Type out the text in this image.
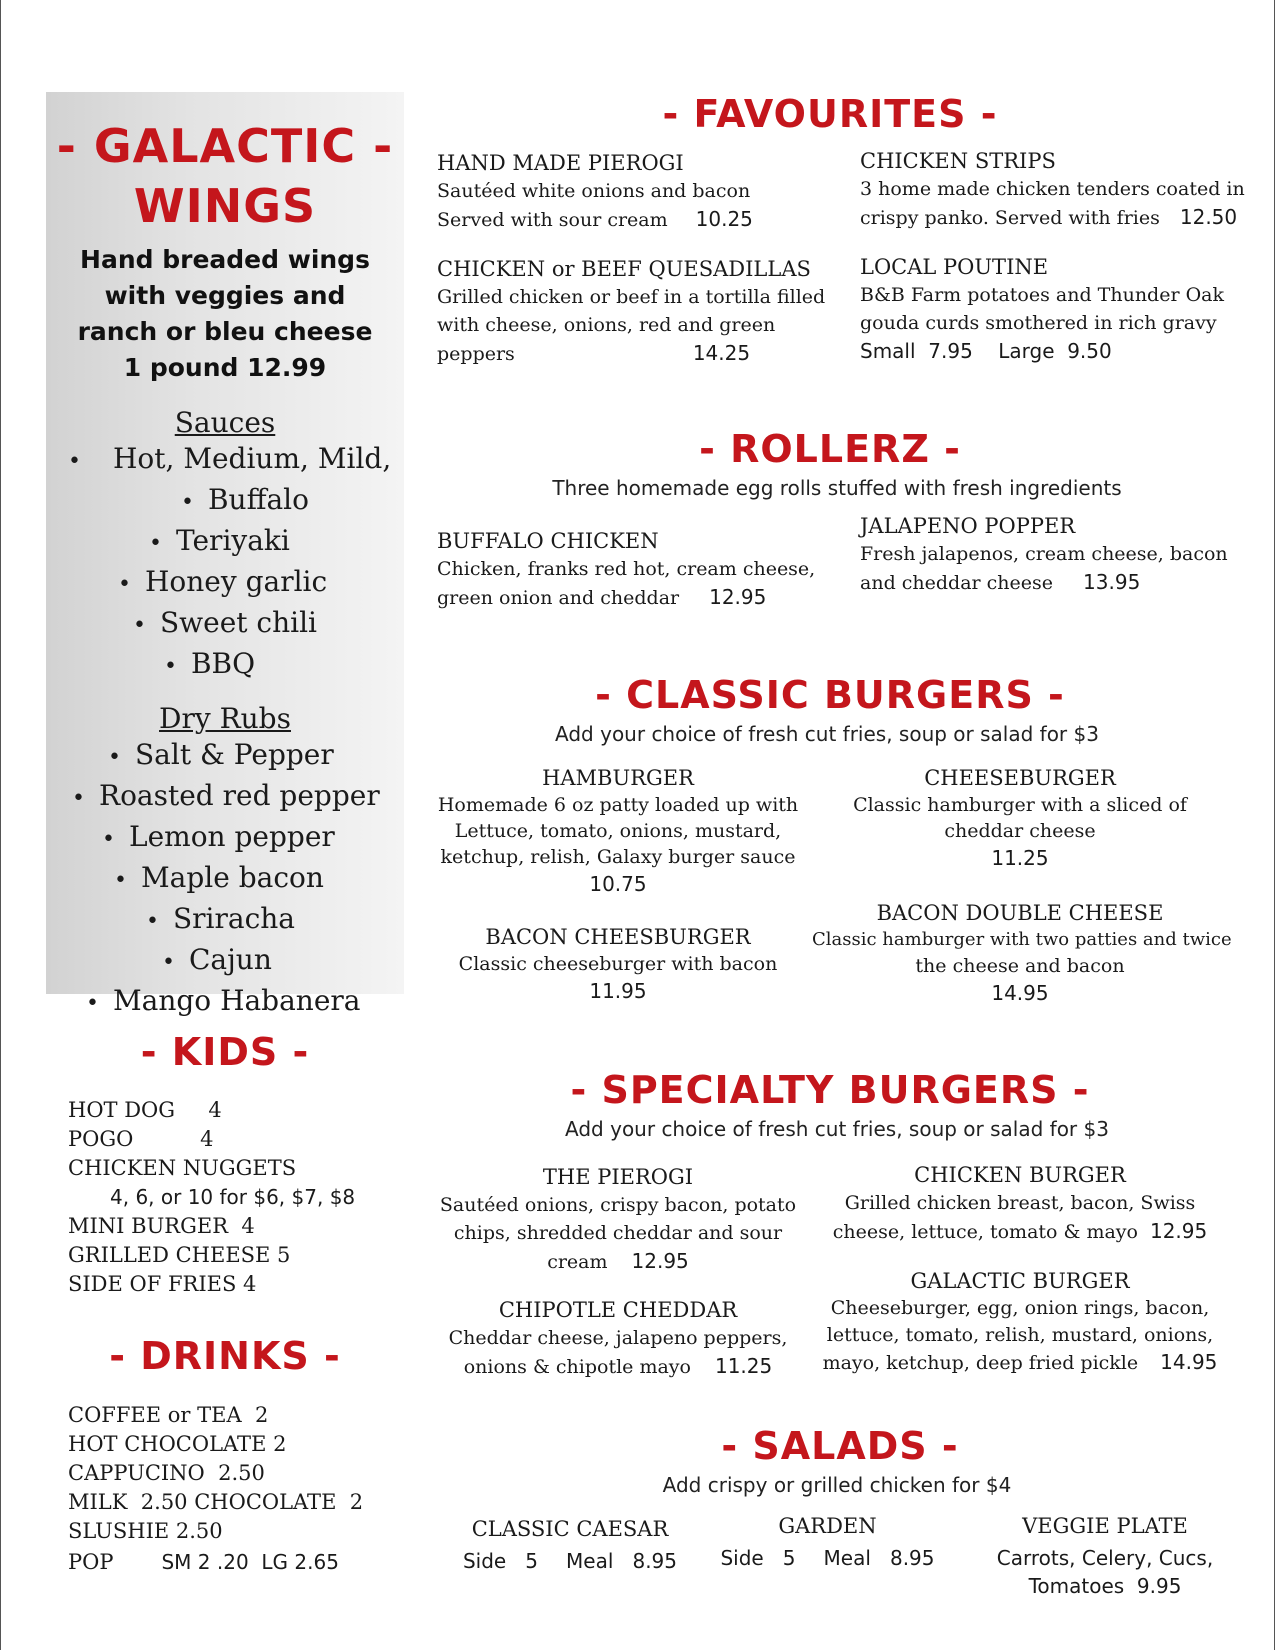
- GALACTIC -
WINGS
Hand breaded wings
with veggies and
ranch or bleu cheese
1 pound 12.99
Sauces
• Hot, Medium, Mild,
• Buffalo
• Teriyaki
• Honey garlic
• Sweet chili
• BBQ
Dry Rubs
• Salt & Pepper
• Roasted red pepper
• Lemon pepper
• Maple bacon
• Sriracha
• Cajun
• Mango Habanera
- KIDS -
HOT DOG     4
POGO          4
CHICKEN NUGGETS
4, 6, or 10 for $6, $7, $8
MINI BURGER  4
GRILLED CHEESE 5
SIDE OF FRIES 4
- DRINKS -
COFFEE or TEA  2
HOT CHOCOLATE 2
CAPPUCINO  2.50
MILK  2.50 CHOCOLATE  2
SLUSHIE 2.50
POP SM 2 .20  LG 2.65
- FAVOURITES -
HAND MADE PIEROGI
Sautéed white onions and bacon
Served with sour cream 10.25
CHICKEN or BEEF QUESADILLAS
Grilled chicken or beef in a tortilla filled
with cheese, onions, red and green
peppers	14.25
CHICKEN STRIPS
3 home made chicken tenders coated in
crispy panko. Served with fries 12.50
LOCAL POUTINE
B&B Farm potatoes and Thunder Oak
gouda curds smothered in rich gravy
Small  7.95    Large  9.50
- ROLLERZ -
Three homemade egg rolls stuffed with fresh ingredients
BUFFALO CHICKEN
Chicken, franks red hot, cream cheese,
green onion and cheddar 12.95
JALAPENO POPPER
Fresh jalapenos, cream cheese, bacon
and cheddar cheese 13.95
- CLASSIC BURGERS -
Add your choice of fresh cut fries, soup or salad for $3
HAMBURGER
Homemade 6 oz patty loaded up with
Lettuce, tomato, onions, mustard,
ketchup, relish, Galaxy burger sauce
10.75
BACON CHEESBURGER
Classic cheeseburger with bacon
11.95
CHEESEBURGER
Classic hamburger with a sliced of
cheddar cheese
11.25
BACON DOUBLE CHEESE
Classic hamburger with two patties and twice
the cheese and bacon
14.95
- SPECIALTY BURGERS -
Add your choice of fresh cut fries, soup or salad for $3
THE PIEROGI
Sautéed onions, crispy bacon, potato
chips, shredded cheddar and sour
cream 12.95
CHIPOTLE CHEDDAR
Cheddar cheese, jalapeno peppers,
onions & chipotle mayo 11.25
CHICKEN BURGER
Grilled chicken breast, bacon, Swiss
cheese, lettuce, tomato & mayo 12.95
GALACTIC BURGER
Cheeseburger, egg, onion rings, bacon,
lettuce, tomato, relish, mustard, onions,
mayo, ketchup, deep fried pickle 14.95
- SALADS -
Add crispy or grilled chicken for $4
CLASSIC CAESAR
Side   5 Meal   8.95
GARDEN
Side   5 Meal   8.95
VEGGIE PLATE
Carrots, Celery, Cucs,
Tomatoes  9.95
